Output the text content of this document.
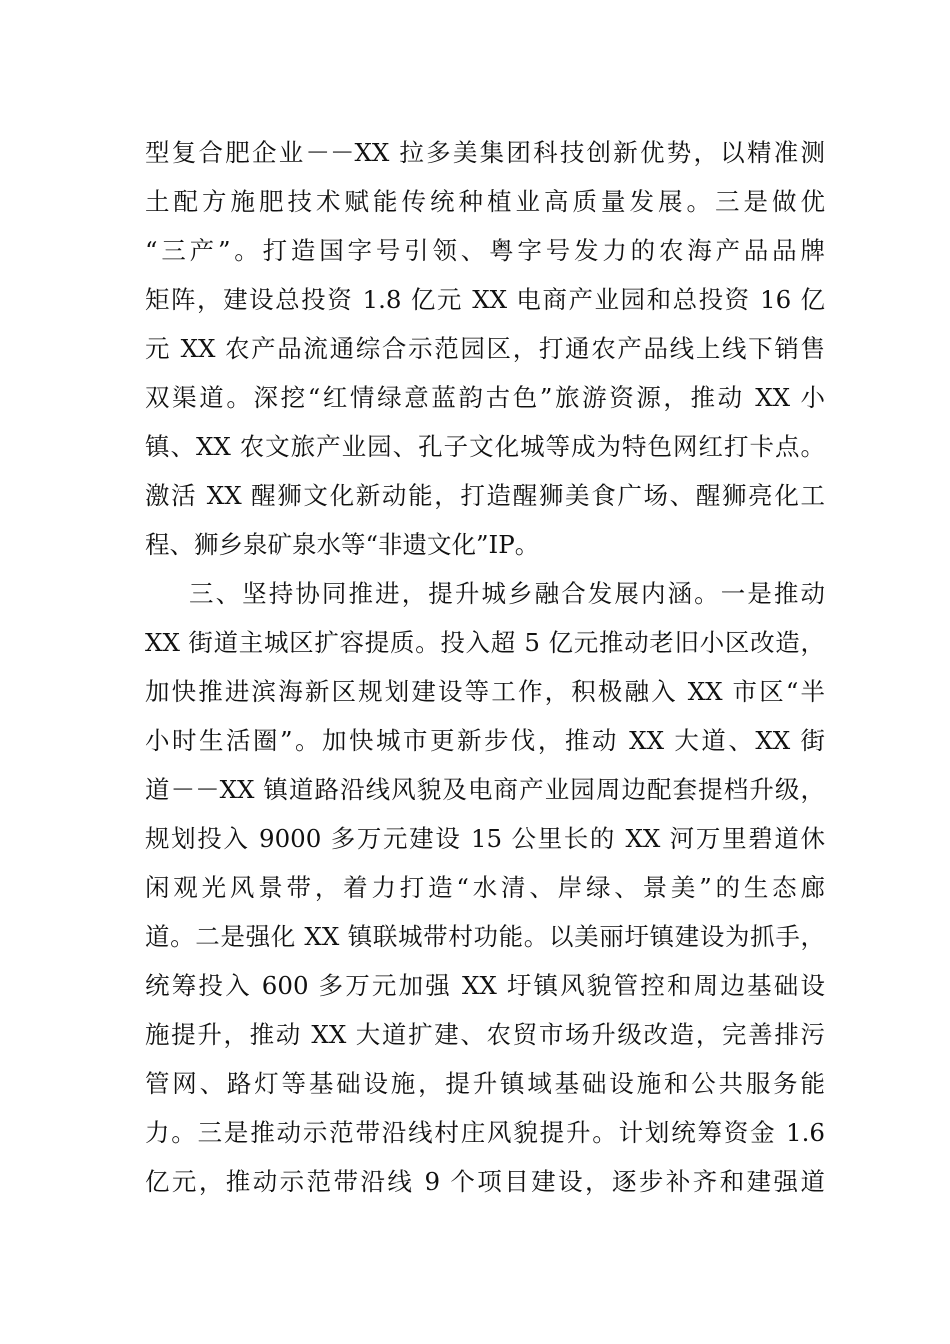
型复合肥企业－－XX 拉多美集团科技创新优势，以精准测
土配方施肥技术赋能传统种植业高质量发展。三是做优
“三产”。打造国字号引领、粤字号发力的农海产品品牌
矩阵，建设总投资 1.8 亿元 XX 电商产业园和总投资 16 亿
元 XX 农产品流通综合示范园区，打通农产品线上线下销售
双渠道。深挖“红情绿意蓝韵古色”旅游资源，推动 XX 小
镇、XX 农文旅产业园、孔子文化城等成为特色网红打卡点。
激活 XX 醒狮文化新动能，打造醒狮美食广场、醒狮亮化工
程、狮乡泉矿泉水等“非遗文化”IP。
三、坚持协同推进，提升城乡融合发展内涵。一是推动
XX 街道主城区扩容提质。投入超 5 亿元推动老旧小区改造，
加快推进滨海新区规划建设等工作，积极融入 XX 市区“半
小时生活圈”。加快城市更新步伐，推动 XX 大道、XX 街
道－－XX 镇道路沿线风貌及电商产业园周边配套提档升级，
规划投入 9000 多万元建设 15 公里长的 XX 河万里碧道休
闲观光风景带，着力打造“水清、岸绿、景美”的生态廊
道。二是强化 XX 镇联城带村功能。以美丽圩镇建设为抓手，
统筹投入 600 多万元加强 XX 圩镇风貌管控和周边基础设
施提升，推动 XX 大道扩建、农贸市场升级改造，完善排污
管网、路灯等基础设施，提升镇域基础设施和公共服务能
力。三是推动示范带沿线村庄风貌提升。计划统筹资金 1.6
亿元，推动示范带沿线 9 个项目建设，逐步补齐和建强道
